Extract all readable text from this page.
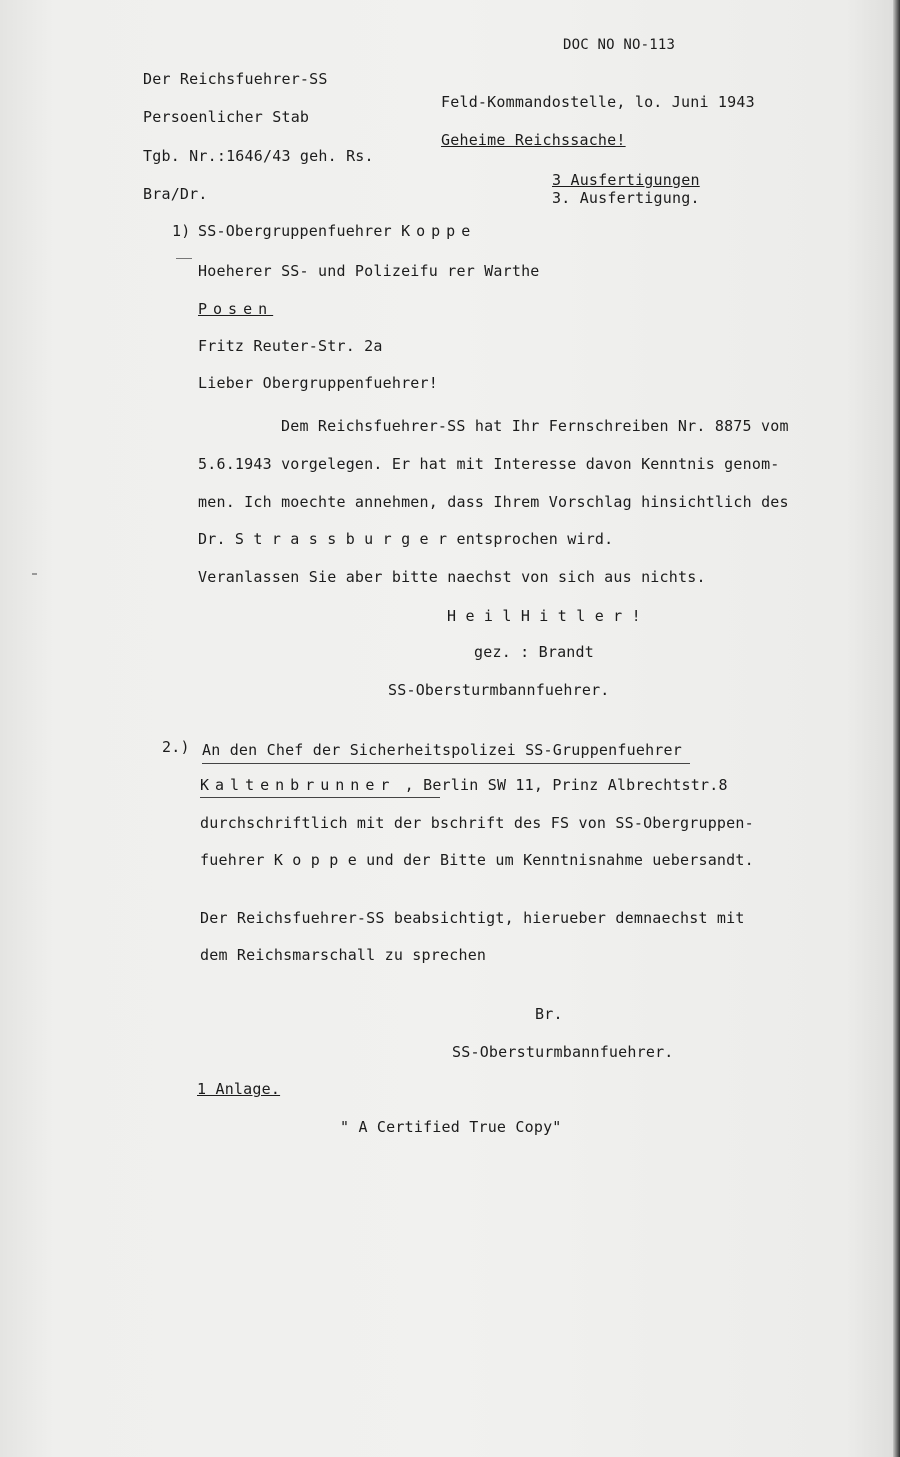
DOC NO NO-113
Der Reichsfuehrer-SS
Persoenlicher Stab
Tgb. Nr.:1646/43 geh. Rs.
Bra/Dr.
Feld-Kommandostelle, lo. Juni 1943
Geheime Reichssache!
3 Ausfertigungen
3. Ausfertigung.
1) SS-Obergruppenfuehrer Koppe
Hoeherer SS- und Polizeifu rer Warthe
Posen
Fritz Reuter-Str. 2a
Lieber Obergruppenfuehrer!
Dem Reichsfuehrer-SS hat Ihr Fernschreiben Nr. 8875 vom
5.6.1943 vorgelegen. Er hat mit Interesse davon Kenntnis genom-
men. Ich moechte annehmen, dass Ihrem Vorschlag hinsichtlich des
Dr. S t r a s s b u r g e r entsprochen wird.
Veranlassen Sie aber bitte naechst von sich aus nichts.
H e i l H i t l e r !
gez. : Brandt
SS-Obersturmbannfuehrer.
2.) An den Chef der Sicherheitspolizei SS-Gruppenfuehrer
Kaltenbrunner , Berlin SW 11, Prinz Albrechtstr.8
durchschriftlich mit der bschrift des FS von SS-Obergruppen-
fuehrer K o p p e und der Bitte um Kenntnisnahme uebersandt.
Der Reichsfuehrer-SS beabsichtigt, hierueber demnaechst mit
dem Reichsmarschall zu sprechen
Br.
SS-Obersturmbannfuehrer.
1 Anlage.
" A Certified True Copy"
